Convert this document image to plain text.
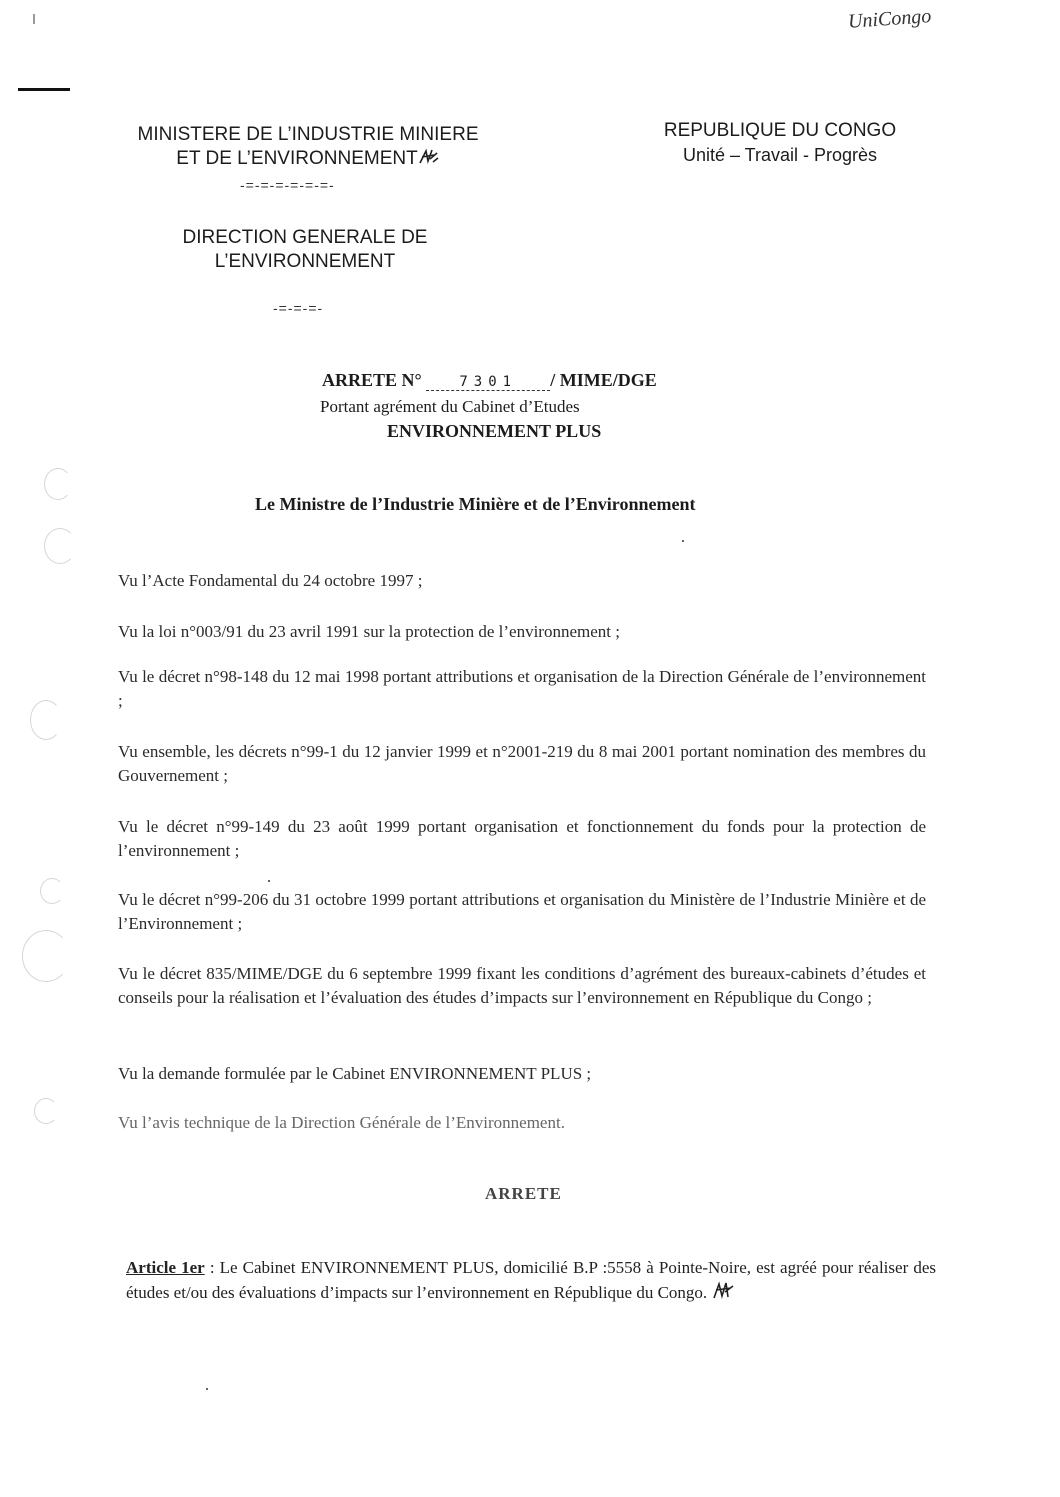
UniCongo
MINISTERE DE L’INDUSTRIE MINIERE
ET DE L’ENVIRONNEMENT
-=-=-=-=-=-=-
REPUBLIQUE DU CONGO
Unité – Travail - Progrès
DIRECTION GENERALE DE
L’ENVIRONNEMENT
-=-=-=-
ARRETE N°	7301 / MIME/DGE
Portant agrément du Cabinet d’Etudes
ENVIRONNEMENT PLUS
Le Ministre de l’Industrie Minière et de l’Environnement
Vu l’Acte Fondamental du 24 octobre 1997 ;
Vu la loi n°003/91 du 23 avril 1991 sur la protection de l’environnement ;
Vu le décret n°98-148 du 12 mai 1998 portant attributions et organisation de la Direction Générale de l’environnement ;
Vu ensemble, les décrets n°99-1 du 12 janvier 1999 et n°2001-219 du 8 mai 2001 portant nomination des membres du Gouvernement ;
Vu le décret n°99-149 du 23 août 1999 portant organisation et fonctionnement du fonds pour la protection de l’environnement ;
Vu le décret n°99-206 du 31 octobre 1999 portant attributions et organisation du Ministère de l’Industrie Minière et de l’Environnement ;
Vu le décret 835/MIME/DGE du 6 septembre 1999 fixant les conditions d’agrément des bureaux-cabinets d’études et conseils pour la réalisation et l’évaluation des études d’impacts sur l’environnement en République du Congo ;
Vu la demande formulée par le Cabinet ENVIRONNEMENT PLUS ;
Vu l’avis technique de la Direction Générale de l’Environnement.
ARRETE
Article 1er : Le Cabinet ENVIRONNEMENT PLUS, domicilié B.P :5558 à Pointe-Noire, est agréé pour réaliser des études et/ou des évaluations d’impacts sur l’environnement en République du Congo.
